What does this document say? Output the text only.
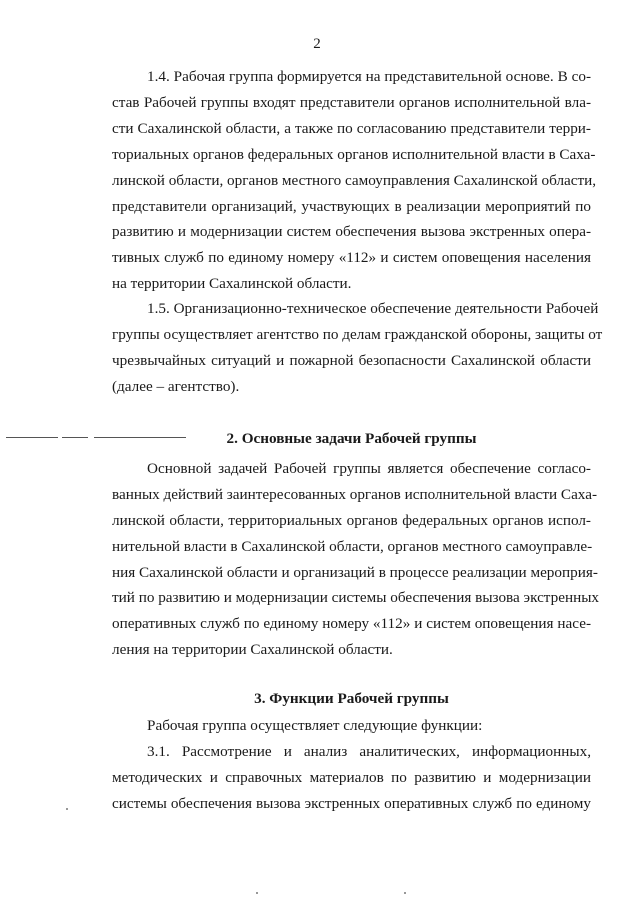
2
1.4. Рабочая группа формируется на представительной основе. В со-
став Рабочей группы входят представители органов исполнительной вла-
сти Сахалинской области, а также по согласованию представители терри-
ториальных органов федеральных органов исполнительной власти в Саха-
линской области, органов местного самоуправления Сахалинской области,
представители организаций, участвующих в реализации мероприятий по
развитию и модернизации систем обеспечения вызова экстренных опера-
тивных служб по единому номеру «112» и систем оповещения населения
на территории Сахалинской области.
1.5. Организационно-техническое обеспечение деятельности Рабочей
группы осуществляет агентство по делам гражданской обороны, защиты от
чрезвычайных ситуаций и пожарной безопасности Сахалинской области
(далее – агентство).
2. Основные задачи Рабочей группы
Основной задачей Рабочей группы является обеспечение согласо-
ванных действий заинтересованных органов исполнительной власти Саха-
линской области, территориальных органов федеральных органов испол-
нительной власти в Сахалинской области, органов местного самоуправле-
ния Сахалинской области и организаций в процессе реализации мероприя-
тий по развитию и модернизации системы обеспечения вызова экстренных
оперативных служб по единому номеру «112» и систем оповещения насе-
ления на территории Сахалинской области.
3. Функции Рабочей группы
Рабочая группа осуществляет следующие функции:
3.1. Рассмотрение и анализ аналитических, информационных,
методических и справочных материалов по развитию и модернизации
системы обеспечения вызова экстренных оперативных служб по единому
